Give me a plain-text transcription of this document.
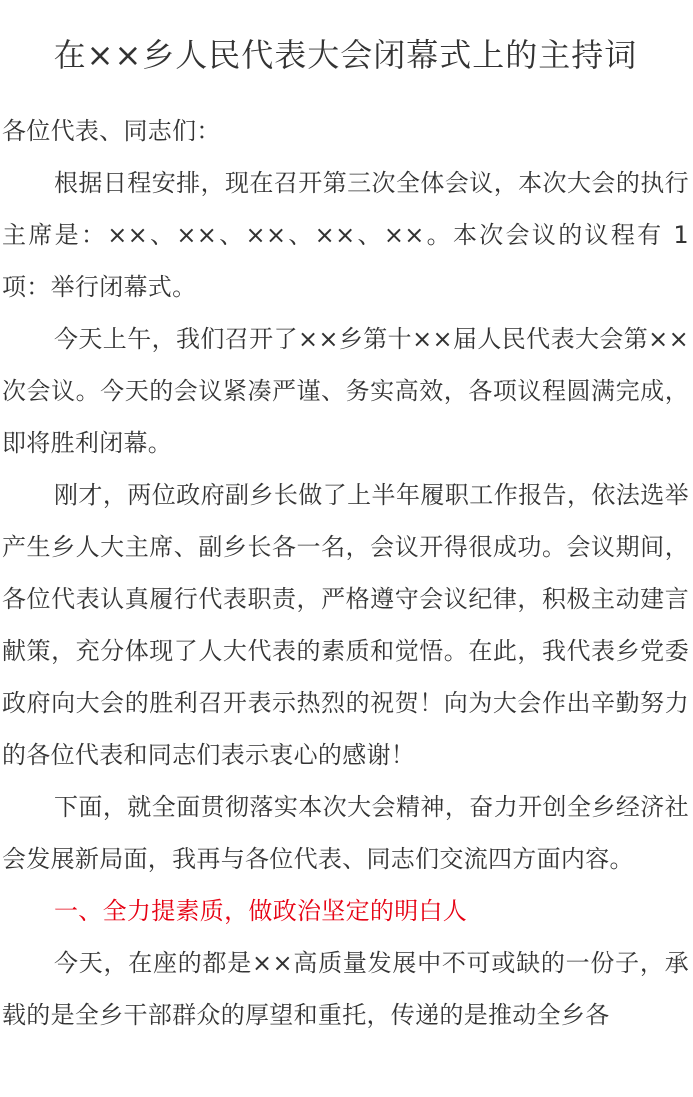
在××乡人民代表大会闭幕式上的主持词

各位代表、同志们：

根据日程安排，现在召开第三次全体会议，本次大会的执行主席是：××、××、××、××、××。本次会议的议程有 1 项：举行闭幕式。

今天上午，我们召开了××乡第十××届人民代表大会第××次会议。今天的会议紧凑严谨、务实高效，各项议程圆满完成，即将胜利闭幕。

刚才，两位政府副乡长做了上半年履职工作报告，依法选举产生乡人大主席、副乡长各一名，会议开得很成功。会议期间，各位代表认真履行代表职责，严格遵守会议纪律，积极主动建言献策，充分体现了人大代表的素质和觉悟。在此，我代表乡党委政府向大会的胜利召开表示热烈的祝贺！向为大会作出辛勤努力的各位代表和同志们表示衷心的感谢！

下面，就全面贯彻落实本次大会精神，奋力开创全乡经济社会发展新局面，我再与各位代表、同志们交流四方面内容。

一、全力提素质，做政治坚定的明白人

今天，在座的都是××高质量发展中不可或缺的一份子，承载的是全乡干部群众的厚望和重托，传递的是推动全乡各
